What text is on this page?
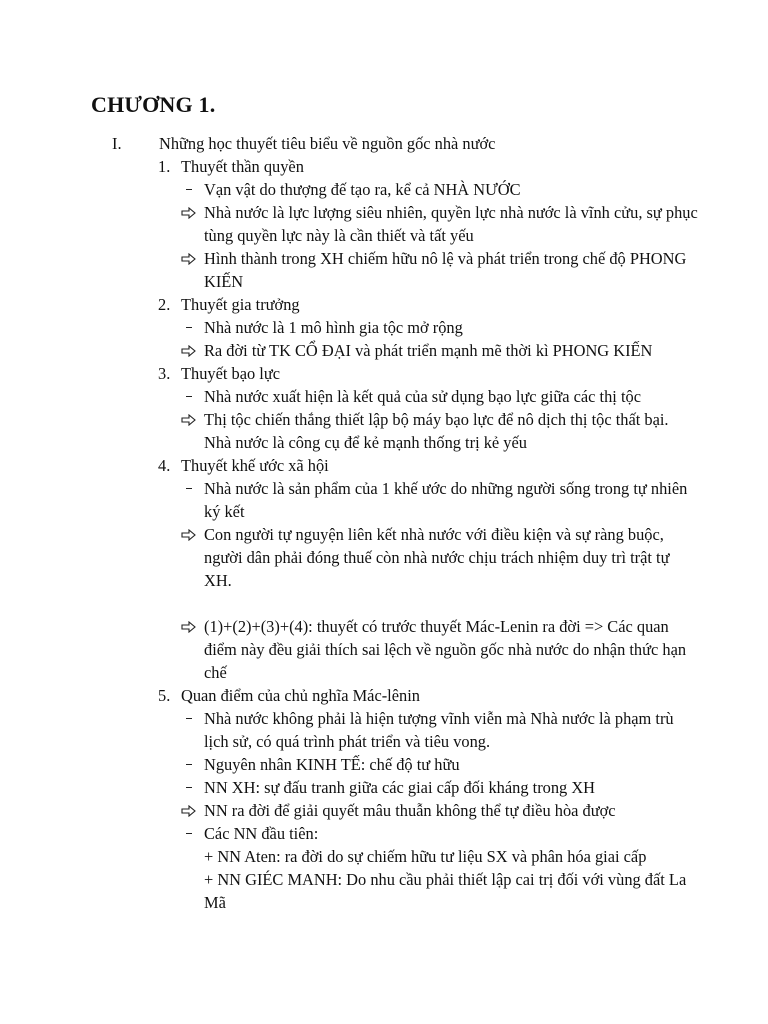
CHƯƠNG 1.
I. Những học thuyết tiêu biểu về nguồn gốc nhà nước
1. Thuyết thần quyền
Vạn vật do thượng đế tạo ra, kể cả NHÀ NƯỚC
Nhà nước là lực lượng siêu nhiên, quyền lực nhà nước là vĩnh cửu, sự phục tùng quyền lực này là cần thiết và tất yếu
Hình thành trong XH chiếm hữu nô lệ và phát triển trong chế độ PHONG KIẾN
2. Thuyết gia trưởng
Nhà nước là 1 mô hình gia tộc mở rộng
Ra đời từ TK CỔ ĐẠI và phát triển mạnh mẽ thời kì PHONG KIẾN
3. Thuyết bạo lực
Nhà nước xuất hiện là kết quả của sử dụng bạo lực giữa các thị tộc
Thị tộc chiến thắng thiết lập bộ máy bạo lực để nô dịch thị tộc thất bại. Nhà nước là công cụ để kẻ mạnh thống trị kẻ yếu
4. Thuyết khế ước xã hội
Nhà nước là sản phẩm của 1 khế ước do những người sống trong tự nhiên ký kết
Con người tự nguyện liên kết nhà nước với điều kiện và sự ràng buộc, người dân phải đóng thuế còn nhà nước chịu trách nhiệm duy trì trật tự XH.
(1)+(2)+(3)+(4): thuyết có trước thuyết Mác-Lenin ra đời => Các quan điểm này đều giải thích sai lệch về nguồn gốc nhà nước do nhận thức hạn chế
5. Quan điểm của chủ nghĩa Mác-lênin
Nhà nước không phải là hiện tượng vĩnh viễn mà Nhà nước là phạm trù lịch sử, có quá trình phát triển và tiêu vong.
Nguyên nhân KINH TẾ: chế độ tư hữu
NN XH: sự đấu tranh giữa các giai cấp đối kháng trong XH
NN ra đời để giải quyết mâu thuẫn không thể tự điều hòa được
Các NN đầu tiên:
+ NN Aten: ra đời do sự chiếm hữu tư liệu SX và phân hóa giai cấp
+ NN GIÉC MANH: Do nhu cầu phải thiết lập cai trị đối với vùng đất La Mã
